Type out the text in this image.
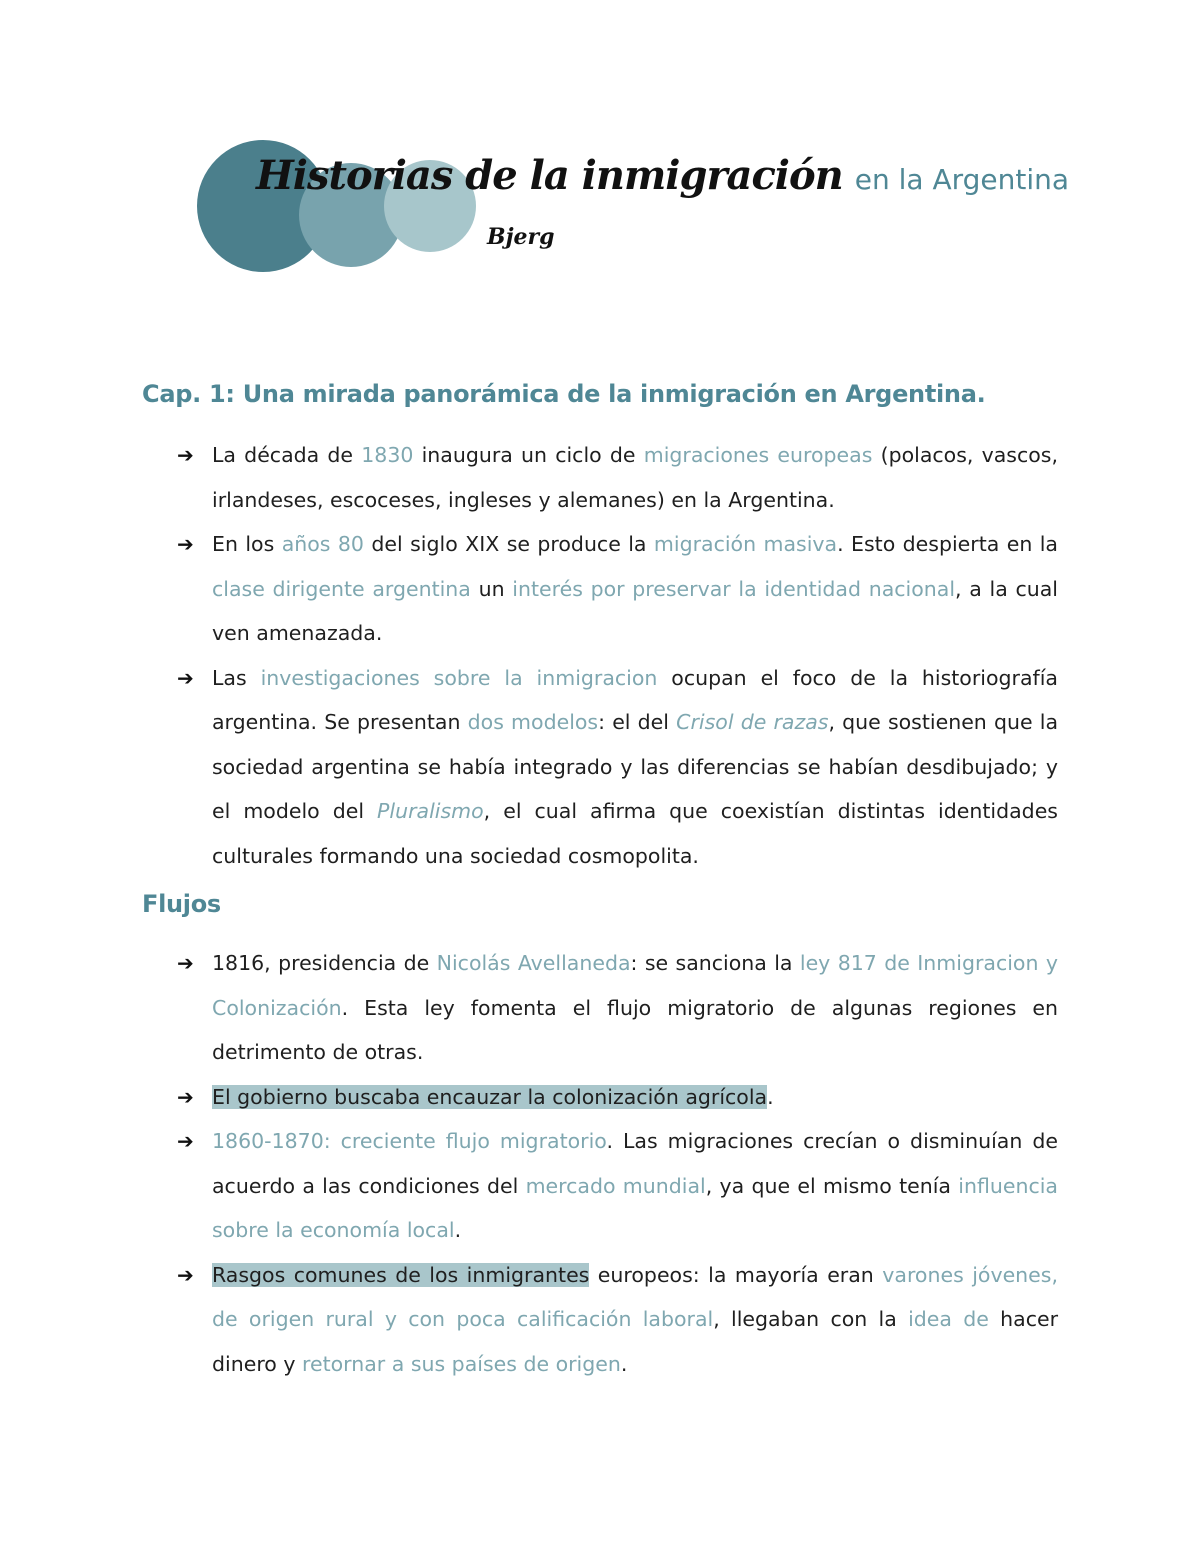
Historias de la inmigración en la Argentina
Bjerg
Cap. 1: Una mirada panorámica de la inmigración en Argentina.
➔ La década de 1830 inaugura un ciclo de migraciones europeas (polacos, vascos, irlandeses, escoceses, ingleses y alemanes) en la Argentina.
➔ En los años 80 del siglo XIX se produce la migración masiva. Esto despierta en la clase dirigente argentina un interés por preservar la identidad nacional, a la cual ven amenazada.
➔ Las investigaciones sobre la inmigracion ocupan el foco de la historiografía argentina. Se presentan dos modelos: el del Crisol de razas, que sostienen que la sociedad argentina se había integrado y las diferencias se habían desdibujado; y el modelo del Pluralismo, el cual afirma que coexistían distintas identidades culturales formando una sociedad cosmopolita.
Flujos
➔ 1816, presidencia de Nicolás Avellaneda: se sanciona la ley 817 de Inmigracion y Colonización. Esta ley fomenta el flujo migratorio de algunas regiones en detrimento de otras.
➔ El gobierno buscaba encauzar la colonización agrícola.
➔ 1860-1870: creciente flujo migratorio. Las migraciones crecían o disminuían de acuerdo a las condiciones del mercado mundial, ya que el mismo tenía influencia sobre la economía local.
➔ Rasgos comunes de los inmigrantes europeos: la mayoría eran varones jóvenes, de origen rural y con poca calificación laboral, llegaban con la idea de hacer dinero y retornar a sus países de origen.
